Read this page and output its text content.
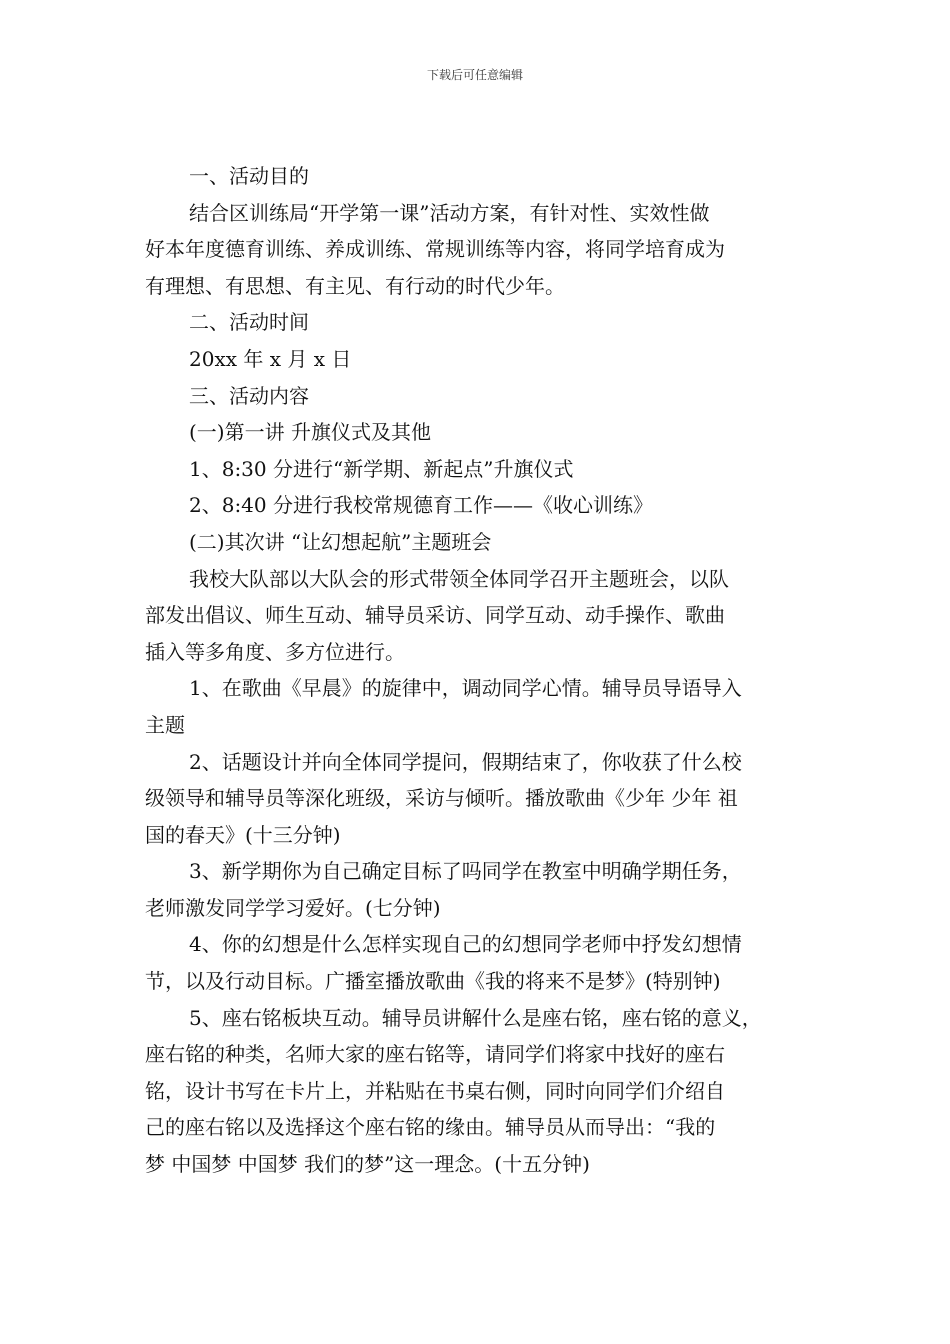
下载后可任意编辑
一、活动目的
结合区训练局“开学第一课”活动方案，有针对性、实效性做
好本年度德育训练、养成训练、常规训练等内容，将同学培育成为
有理想、有思想、有主见、有行动的时代少年。
二、活动时间
20xx 年 x 月 x 日
三、活动内容
(一)第一讲 升旗仪式及其他
1、8:30 分进行“新学期、新起点”升旗仪式
2、8:40 分进行我校常规德育工作——《收心训练》
(二)其次讲 “让幻想起航”主题班会
我校大队部以大队会的形式带领全体同学召开主题班会，以队
部发出倡议、师生互动、辅导员采访、同学互动、动手操作、歌曲
插入等多角度、多方位进行。
1、在歌曲《早晨》的旋律中，调动同学心情。辅导员导语导入
主题
2、话题设计并向全体同学提问，假期结束了，你收获了什么校
级领导和辅导员等深化班级，采访与倾听。播放歌曲《少年 少年 祖
国的春天》(十三分钟)
3、新学期你为自己确定目标了吗同学在教室中明确学期任务，
老师激发同学学习爱好。(七分钟)
4、你的幻想是什么怎样实现自己的幻想同学老师中抒发幻想情
节，以及行动目标。广播室播放歌曲《我的将来不是梦》(特别钟)
5、座右铭板块互动。辅导员讲解什么是座右铭，座右铭的意义，
座右铭的种类，名师大家的座右铭等，请同学们将家中找好的座右
铭，设计书写在卡片上，并粘贴在书桌右侧，同时向同学们介绍自
己的座右铭以及选择这个座右铭的缘由。辅导员从而导出：“我的
梦 中国梦 中国梦 我们的梦”这一理念。(十五分钟)
